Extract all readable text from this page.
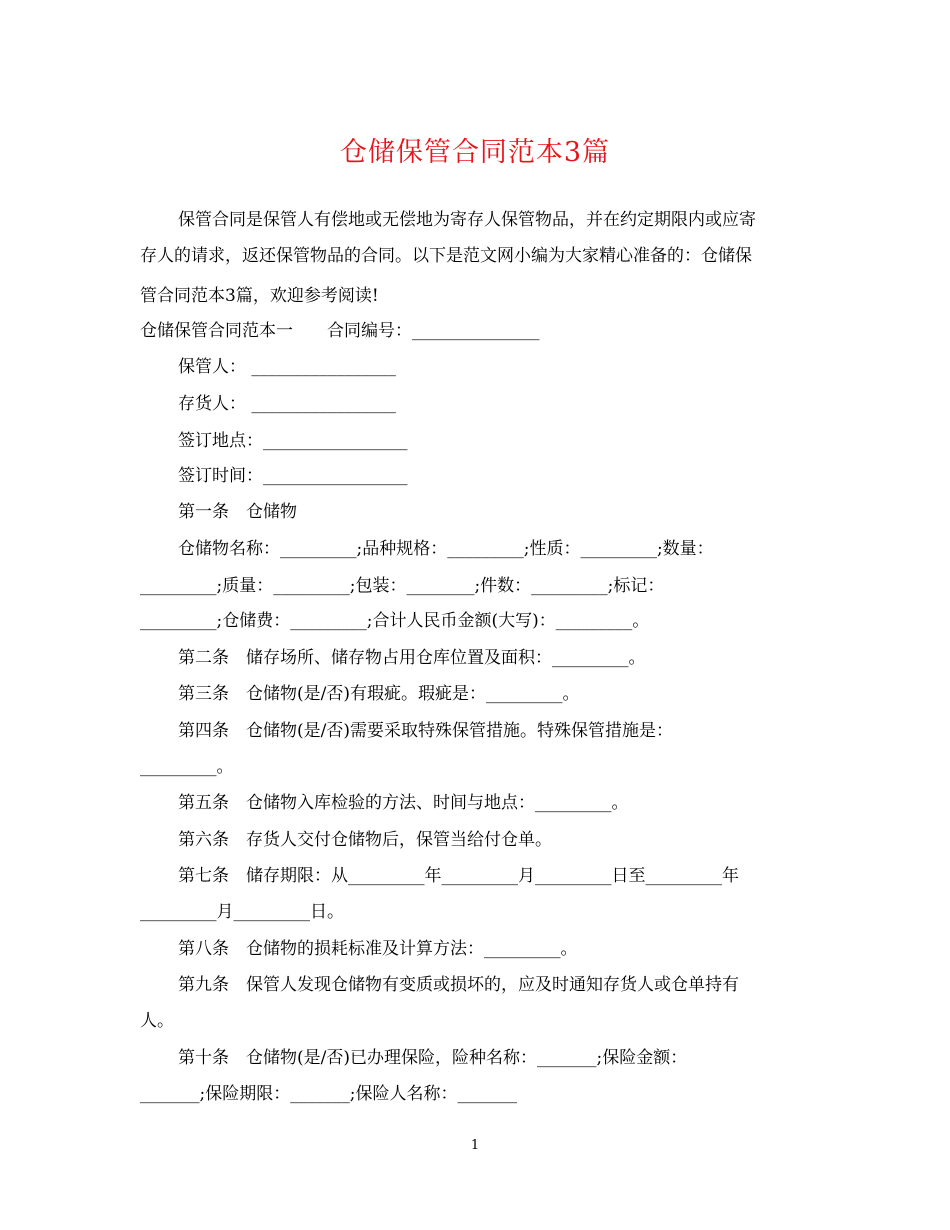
仓储保管合同范本3篇
保管合同是保管人有偿地或无偿地为寄存人保管物品，并在约定期限内或应寄
存人的请求，返还保管物品的合同。以下是范文网小编为大家精心准备的：仓储保
管合同范本3篇，欢迎参考阅读!
仓储保管合同范本一　　合同编号：_______________
保管人： _________________
存货人： _________________
签订地点：_________________
签订时间：_________________
第一条　仓储物
仓储物名称：_________;品种规格：_________;性质：_________;数量：
_________;质量：_________;包装：________;件数：_________;标记：
_________;仓储费：_________;合计人民币金额(大写)：_________。
第二条　储存场所、储存物占用仓库位置及面积：_________。
第三条　仓储物(是/否)有瑕疵。瑕疵是：_________。
第四条　仓储物(是/否)需要采取特殊保管措施。特殊保管措施是：
_________。
第五条　仓储物入库检验的方法、时间与地点：_________。
第六条　存货人交付仓储物后，保管当给付仓单。
第七条　储存期限：从_________年_________月_________日至_________年
_________月_________日。
第八条　仓储物的损耗标准及计算方法：_________。
第九条　保管人发现仓储物有变质或损坏的，应及时通知存货人或仓单持有
人。
第十条　仓储物(是/否)已办理保险，险种名称：_______;保险金额：
_______;保险期限：_______;保险人名称：_______
1
